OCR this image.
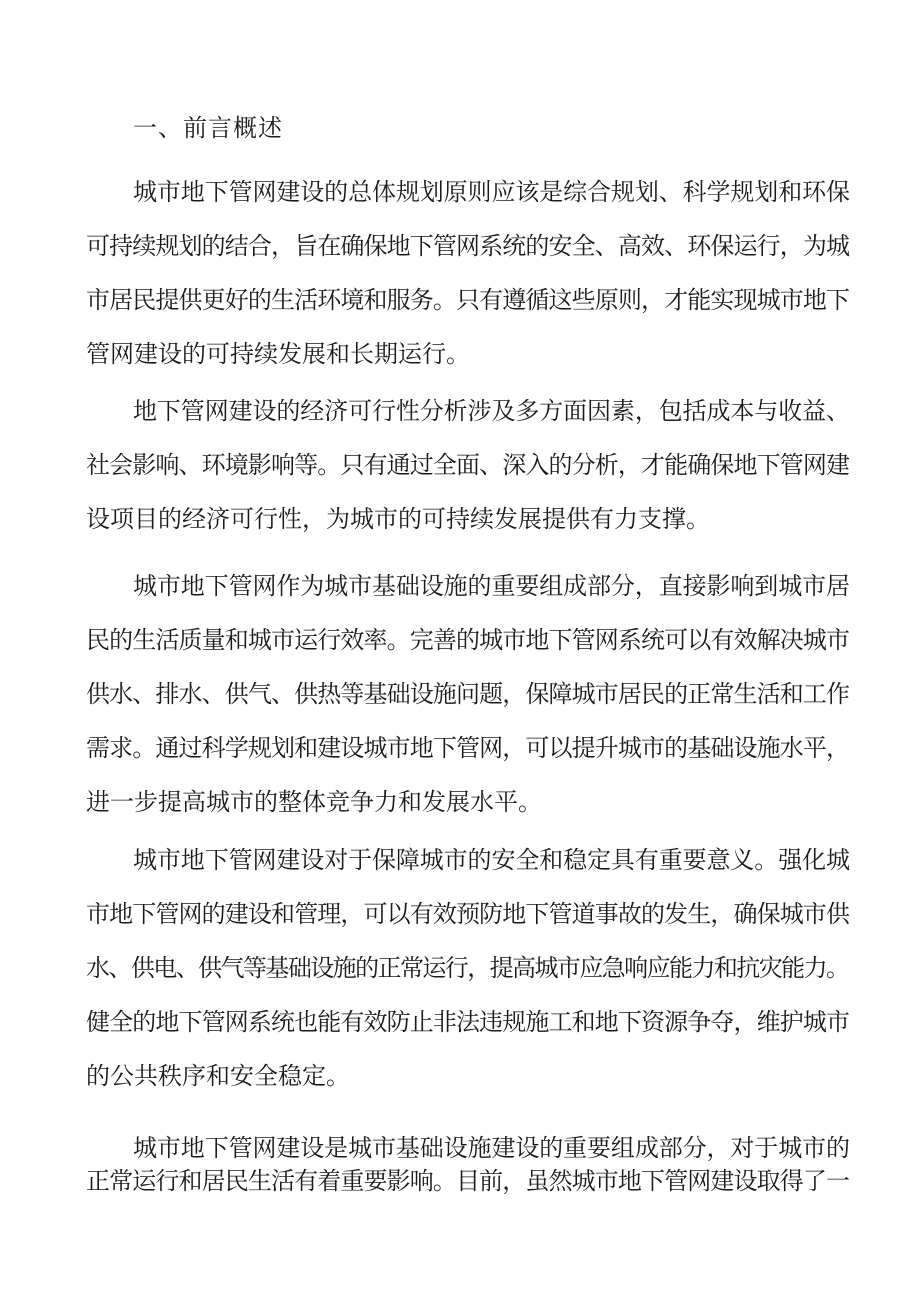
一、前言概述
城市地下管网建设的总体规划原则应该是综合规划、科学规划和环保
可持续规划的结合，旨在确保地下管网系统的安全、高效、环保运行，为城
市居民提供更好的生活环境和服务。只有遵循这些原则，才能实现城市地下
管网建设的可持续发展和长期运行。
地下管网建设的经济可行性分析涉及多方面因素，包括成本与收益、
社会影响、环境影响等。只有通过全面、深入的分析，才能确保地下管网建
设项目的经济可行性，为城市的可持续发展提供有力支撑。
城市地下管网作为城市基础设施的重要组成部分，直接影响到城市居
民的生活质量和城市运行效率。完善的城市地下管网系统可以有效解决城市
供水、排水、供气、供热等基础设施问题，保障城市居民的正常生活和工作
需求。通过科学规划和建设城市地下管网，可以提升城市的基础设施水平，
进一步提高城市的整体竞争力和发展水平。
城市地下管网建设对于保障城市的安全和稳定具有重要意义。强化城
市地下管网的建设和管理，可以有效预防地下管道事故的发生，确保城市供
水、供电、供气等基础设施的正常运行，提高城市应急响应能力和抗灾能力。
健全的地下管网系统也能有效防止非法违规施工和地下资源争夺，维护城市
的公共秩序和安全稳定。
城市地下管网建设是城市基础设施建设的重要组成部分，对于城市的
正常运行和居民生活有着重要影响。目前，虽然城市地下管网建设取得了一
